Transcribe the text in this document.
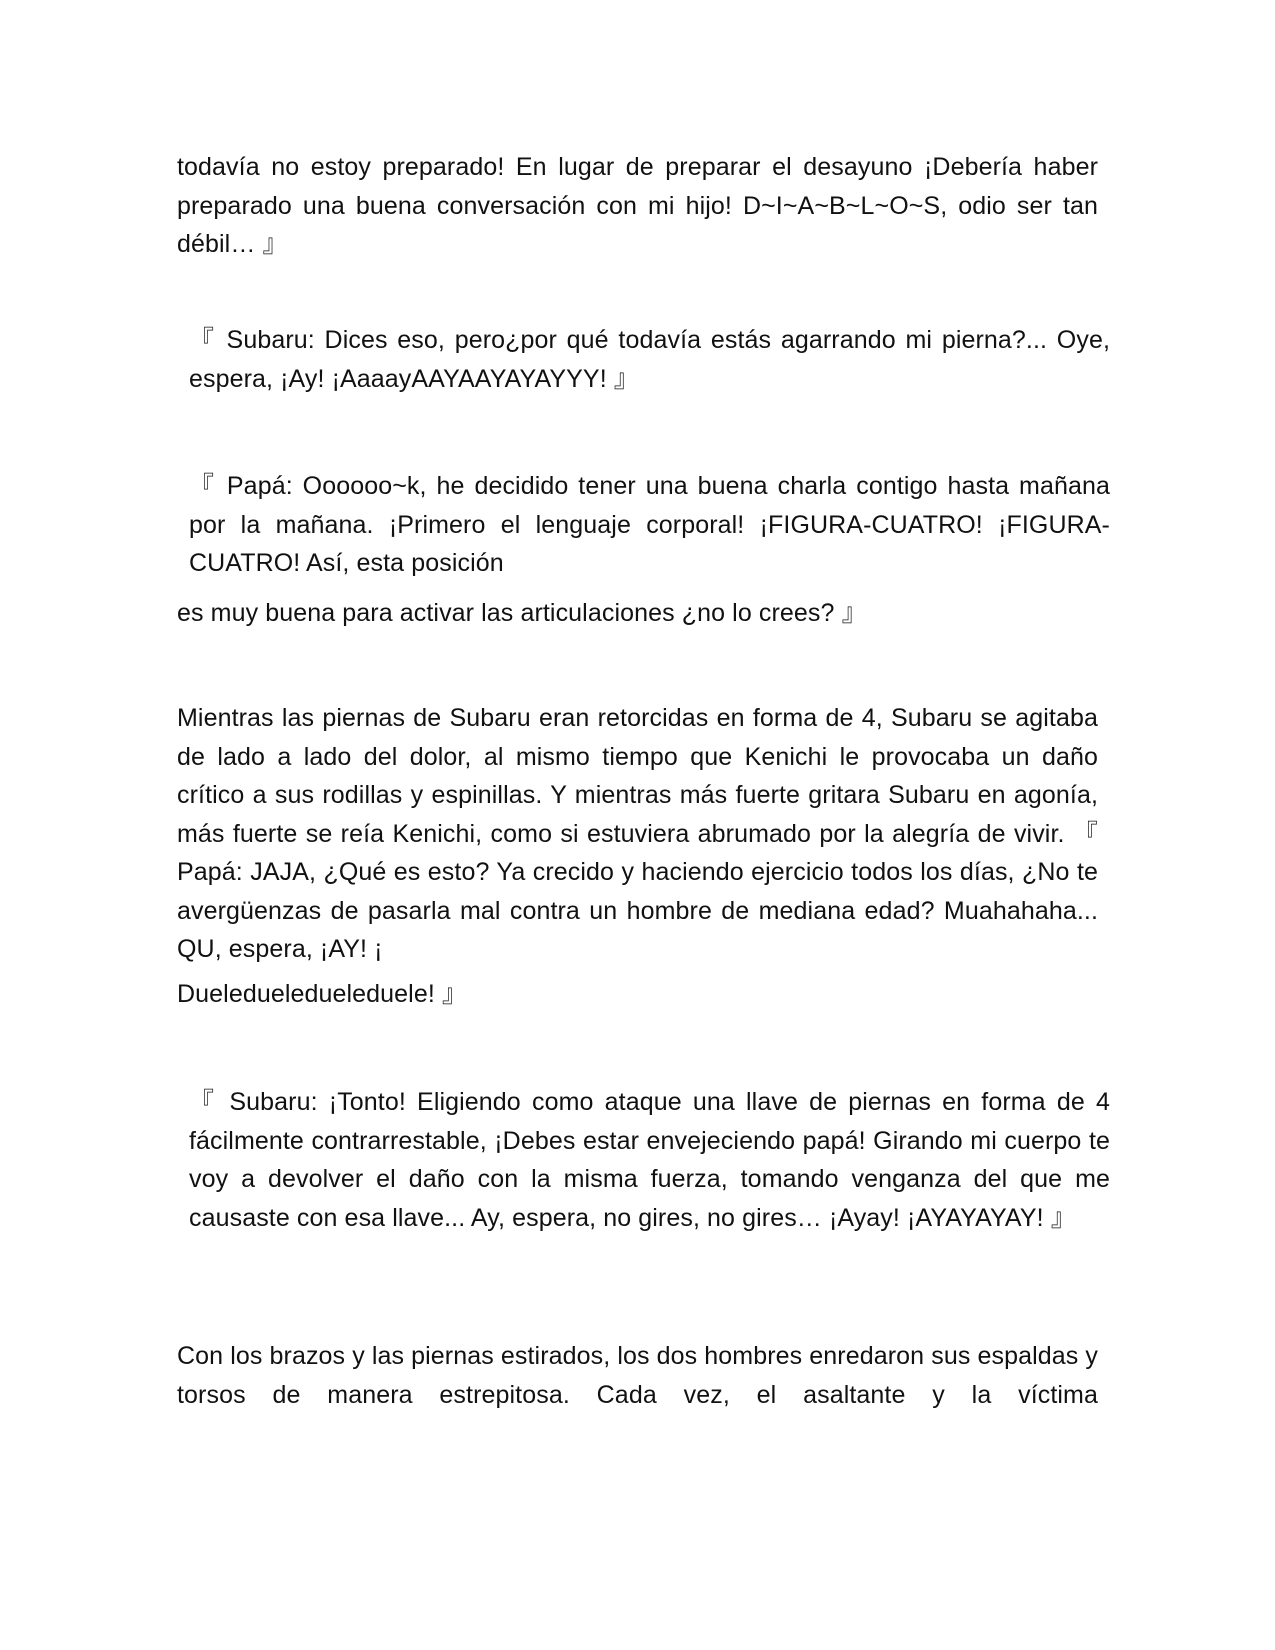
todavía no estoy preparado! En lugar de preparar el desayuno ¡Debería haber preparado una buena conversación con mi hijo! D~I~A~B~L~O~S, odio ser tan débil… 』

『 Subaru: Dices eso, pero¿por qué todavía estás agarrando mi pierna?... Oye, espera, ¡Ay! ¡AaaayAAYAAYAYAYYY! 』

『 Papá: Oooooo~k, he decidido tener una buena charla contigo hasta mañana por la mañana. ¡Primero el lenguaje corporal! ¡FIGURA-CUATRO! ¡FIGURA-CUATRO! Así, esta posición

es muy buena para activar las articulaciones ¿no lo crees? 』

Mientras las piernas de Subaru eran retorcidas en forma de 4, Subaru se agitaba de lado a lado del dolor, al mismo tiempo que Kenichi le provocaba un daño crítico a sus rodillas y espinillas. Y mientras más fuerte gritara Subaru en agonía, más fuerte se reía Kenichi, como si estuviera abrumado por la alegría de vivir. 『 Papá: JAJA, ¿Qué es esto? Ya crecido y haciendo ejercicio todos los días, ¿No te avergüenzas de pasarla mal contra un hombre de mediana edad? Muahahaha... QU, espera, ¡AY! ¡

Dueledueledueleduele! 』

『 Subaru: ¡Tonto! Eligiendo como ataque una llave de piernas en forma de 4 fácilmente contrarrestable, ¡Debes estar envejeciendo papá! Girando mi cuerpo te voy a devolver el daño con la misma fuerza, tomando venganza del que me causaste con esa llave... Ay, espera, no gires, no gires… ¡Ayay! ¡AYAYAYAY! 』

Con los brazos y las piernas estirados, los dos hombres enredaron sus espaldas y torsos de manera estrepitosa. Cada vez, el asaltante y la víctima
